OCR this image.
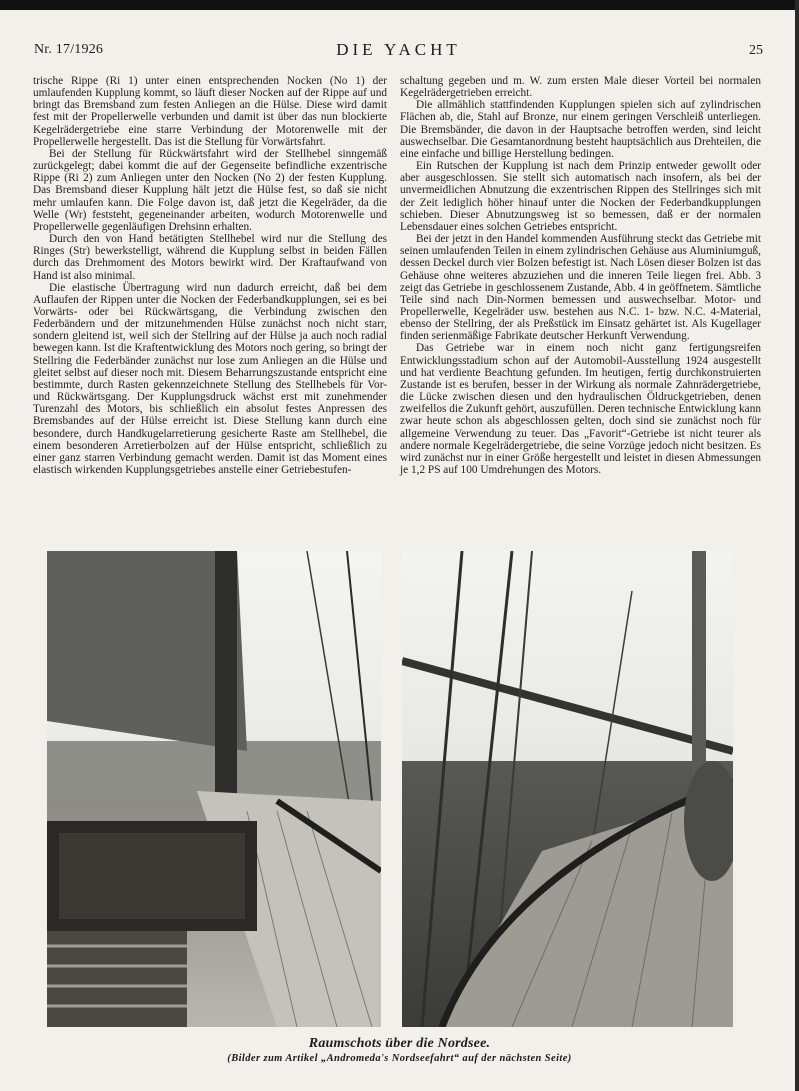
Nr. 17/1926	DIE YACHT	25

trische Rippe (Ri 1) unter einen entsprechenden Nocken (No 1) der umlaufenden Kupplung kommt, so läuft dieser Nocken auf der Rippe auf und bringt das Bremsband zum festen Anliegen an die Hülse. Diese wird damit fest mit der Propellerwelle verbunden und damit ist über das nun blockierte Kegelrädergetriebe eine starre Verbindung der Motorenwelle mit der Propellerwelle hergestellt. Das ist die Stellung für Vorwärtsfahrt.

Bei der Stellung für Rückwärtsfahrt wird der Stellhebel sinngemäß zurückgelegt; dabei kommt die auf der Gegenseite befindliche exzentrische Rippe (Ri 2) zum Anliegen unter den Nocken (No 2) der festen Kupplung. Das Bremsband dieser Kupplung hält jetzt die Hülse fest, so daß sie nicht mehr umlaufen kann. Die Folge davon ist, daß jetzt die Kegelräder, da die Welle (Wr) feststeht, gegeneinander arbeiten, wodurch Motorenwelle und Propellerwelle gegenläufigen Drehsinn erhalten.

Durch den von Hand betätigten Stellhebel wird nur die Stellung des Ringes (Str) bewerkstelligt, während die Kupplung selbst in beiden Fällen durch das Drehmoment des Motors bewirkt wird. Der Kraftaufwand von Hand ist also minimal.

Die elastische Übertragung wird nun dadurch erreicht, daß bei dem Auflaufen der Rippen unter die Nocken der Federbandkupplungen, sei es bei Vorwärts- oder bei Rückwärtsgang, die Verbindung zwischen den Federbändern und der mitzunehmenden Hülse zunächst noch nicht starr, sondern gleitend ist, weil sich der Stellring auf der Hülse ja auch noch radial bewegen kann. Ist die Kraftentwicklung des Motors noch gering, so bringt der Stellring die Federbänder zunächst nur lose zum Anliegen an die Hülse und gleitet selbst auf dieser noch mit. Diesem Beharrungszustande entspricht eine bestimmte, durch Rasten gekennzeichnete Stellung des Stellhebels für Vor- und Rückwärtsgang. Der Kupplungsdruck wächst erst mit zunehmender Turenzahl des Motors, bis schließlich ein absolut festes Anpressen des Bremsbandes auf der Hülse erreicht ist. Diese Stellung kann durch eine besondere, durch Handkugelarretierung gesicherte Raste am Stellhebel, die einem besonderen Arretierbolzen auf der Hülse entspricht, schließlich zu einer ganz starren Verbindung gemacht werden. Damit ist das Moment eines elastisch wirkenden Kupplungsgetriebes anstelle einer Getriebestufen-

schaltung gegeben und m. W. zum ersten Male dieser Vorteil bei normalen Kegelrädergetrieben erreicht.

Die allmählich stattfindenden Kupplungen spielen sich auf zylindrischen Flächen ab, die, Stahl auf Bronze, nur einem geringen Verschleiß unterliegen. Die Bremsbänder, die davon in der Hauptsache betroffen werden, sind leicht auswechselbar. Die Gesamtanordnung besteht hauptsächlich aus Drehteilen, die eine einfache und billige Herstellung bedingen.

Ein Rutschen der Kupplung ist nach dem Prinzip entweder gewollt oder aber ausgeschlossen. Sie stellt sich automatisch nach insofern, als bei der unvermeidlichen Abnutzung die exzentrischen Rippen des Stellringes sich mit der Zeit lediglich höher hinauf unter die Nocken der Federbandkupplungen schieben. Dieser Abnutzungsweg ist so bemessen, daß er der normalen Lebensdauer eines solchen Getriebes entspricht.

Bei der jetzt in den Handel kommenden Ausführung steckt das Getriebe mit seinen umlaufenden Teilen in einem zylindrischen Gehäuse aus Aluminiumguß, dessen Deckel durch vier Bolzen befestigt ist. Nach Lösen dieser Bolzen ist das Gehäuse ohne weiteres abzuziehen und die inneren Teile liegen frei. Abb. 3 zeigt das Getriebe in geschlossenem Zustande, Abb. 4 in geöffnetem. Sämtliche Teile sind nach Din-Normen bemessen und auswechselbar. Motor- und Propellerwelle, Kegelräder usw. bestehen aus N.C. 1- bzw. N.C. 4-Material, ebenso der Stellring, der als Preßstück im Einsatz gehärtet ist. Als Kugellager finden serienmäßige Fabrikate deutscher Herkunft Verwendung.

Das Getriebe war in einem noch nicht ganz fertigungsreifen Entwicklungsstadium schon auf der Automobil-Ausstellung 1924 ausgestellt und hat verdiente Beachtung gefunden. Im heutigen, fertig durchkonstruierten Zustande ist es berufen, besser in der Wirkung als normale Zahnrädergetriebe, die Lücke zwischen diesen und den hydraulischen Öldruckgetrieben, denen zweifellos die Zukunft gehört, auszufüllen. Deren technische Entwicklung kann zwar heute schon als abgeschlossen gelten, doch sind sie zunächst noch für allgemeine Verwendung zu teuer. Das „Favorit“-Getriebe ist nicht teurer als andere normale Kegelrädergetriebe, die seine Vorzüge jedoch nicht besitzen. Es wird zunächst nur in einer Größe hergestellt und leistet in diesen Abmessungen je 1,2 PS auf 100 Umdrehungen des Motors.

Raumschots über die Nordsee.
(Bilder zum Artikel „Andromeda's Nordseefahrt“ auf der nächsten Seite)
